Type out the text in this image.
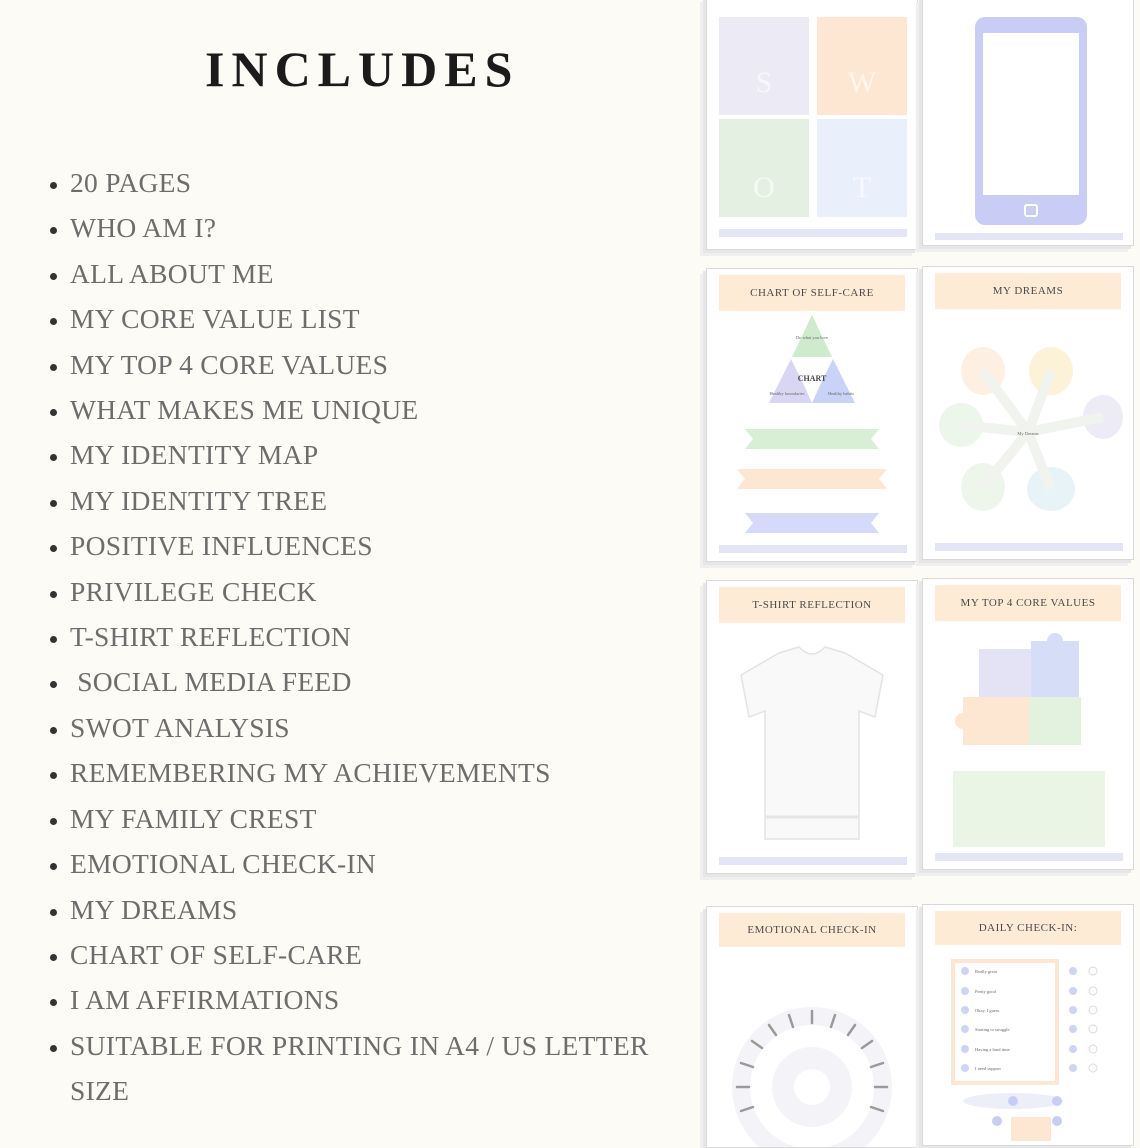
INCLUDES
• 20 PAGES
• WHO AM I?
• ALL ABOUT ME
• MY CORE VALUE LIST
• MY TOP 4 CORE VALUES
• WHAT MAKES ME UNIQUE
• MY IDENTITY MAP
• MY IDENTITY TREE
• POSITIVE INFLUENCES
• PRIVILEGE CHECK
• T-SHIRT REFLECTION
•  SOCIAL MEDIA FEED
• SWOT ANALYSIS
• REMEMBERING MY ACHIEVEMENTS
• MY FAMILY CREST
• EMOTIONAL CHECK-IN
• MY DREAMS
• CHART OF SELF-CARE
• I AM AFFIRMATIONS
• SUITABLE FOR PRINTING IN A4 / US LETTER SIZE
S	W
O	T
CHART OF SELF-CARE
Do what you love
CHART
Healthy boundaries	Healthy habits
MY DREAMS
My Dreams
T-SHIRT REFLECTION	MY TOP 4 CORE VALUES
EMOTIONAL CHECK-IN	DAILY CHECK-IN:
Really great
Pretty good
Okay, I guess
Starting to struggle
Having a hard time
I need support
